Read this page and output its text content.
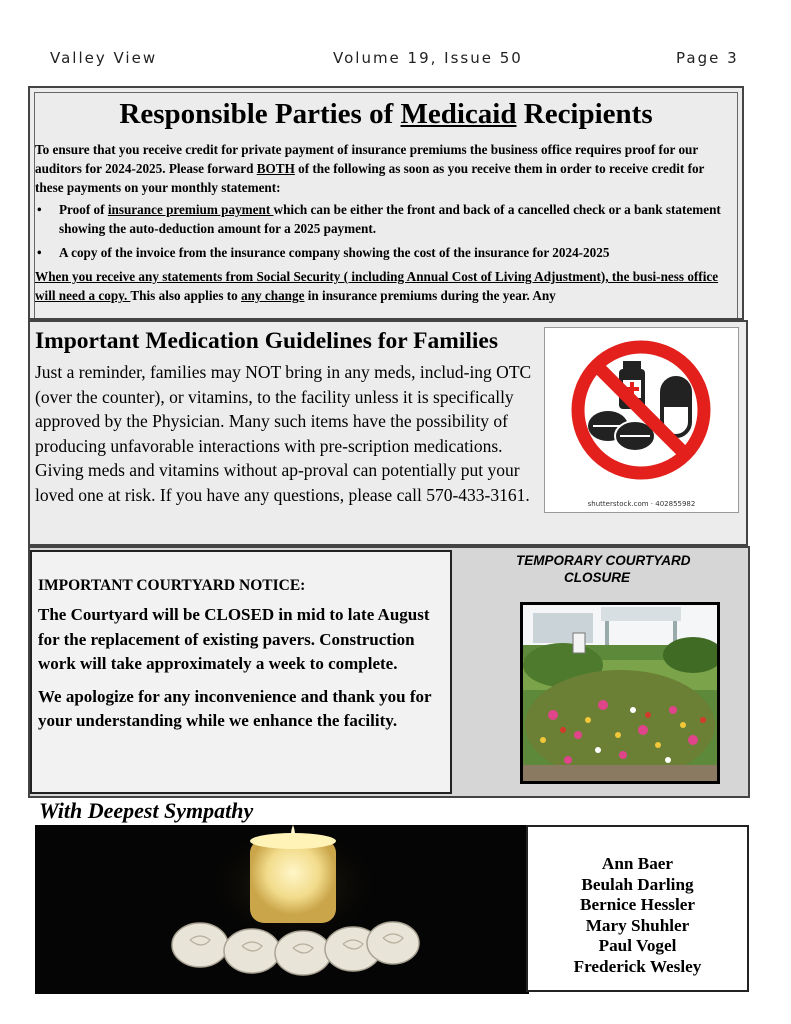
Valley View	Volume 19, Issue 50	Page 3
Responsible Parties of Medicaid Recipients

To ensure that you receive credit for private payment of insurance premiums the business office requires proof for our auditors for 2024-2025. Please forward BOTH of the following as soon as you receive them in order to receive credit for these payments on your monthly statement:

• Proof of insurance premium payment which can be either the front and back of a cancelled check or a bank statement showing the auto-deduction amount for a 2025 payment.
• A copy of the invoice from the insurance company showing the cost of the insurance for 2024-2025

When you receive any statements from Social Security ( including Annual Cost of Living Adjustment), the busi-ness office will need a copy. This also applies to any change in insurance premiums during the year. Any

Important Medication Guidelines for Families
Just a reminder, families may NOT bring in any meds, includ-ing OTC (over the counter), or vitamins, to the facility unless it is specifically approved by the Physician. Many such items have the possibility of producing unfavorable interactions with pre-scription medications. Giving meds and vitamins without ap-proval can potentially put your loved one at risk. If you have any questions, please call 570-433-3161.	shutterstock.com · 402855982
IMPORTANT COURTYARD NOTICE:

The Courtyard will be CLOSED in mid to late August for the replacement of existing pavers. Construction work will take approximately a week to complete.

We apologize for any inconvenience and thank you for your understanding while we enhance the facility.

TEMPORARY COURTYARD
CLOSURE
With Deepest Sympathy
Ann Baer
Beulah Darling
Bernice Hessler
Mary Shuhler
Paul Vogel
Frederick Wesley
